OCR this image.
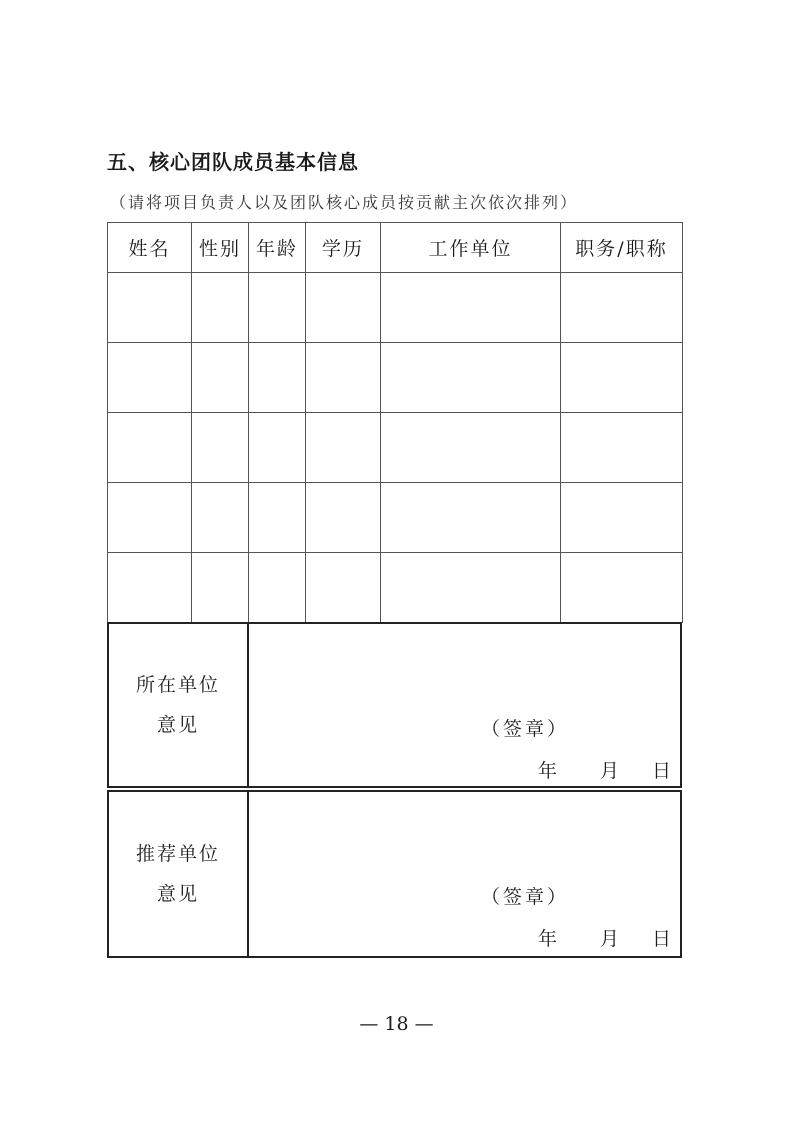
五、核心团队成员基本信息
（请将项目负责人以及团队核心成员按贡献主次依次排列）
姓名	性别	年龄	学历	工作单位	职务/职称

所在单位
意见	（签章）
年	月	日
推荐单位
意见	（签章）
年	月	日
— 18 —
